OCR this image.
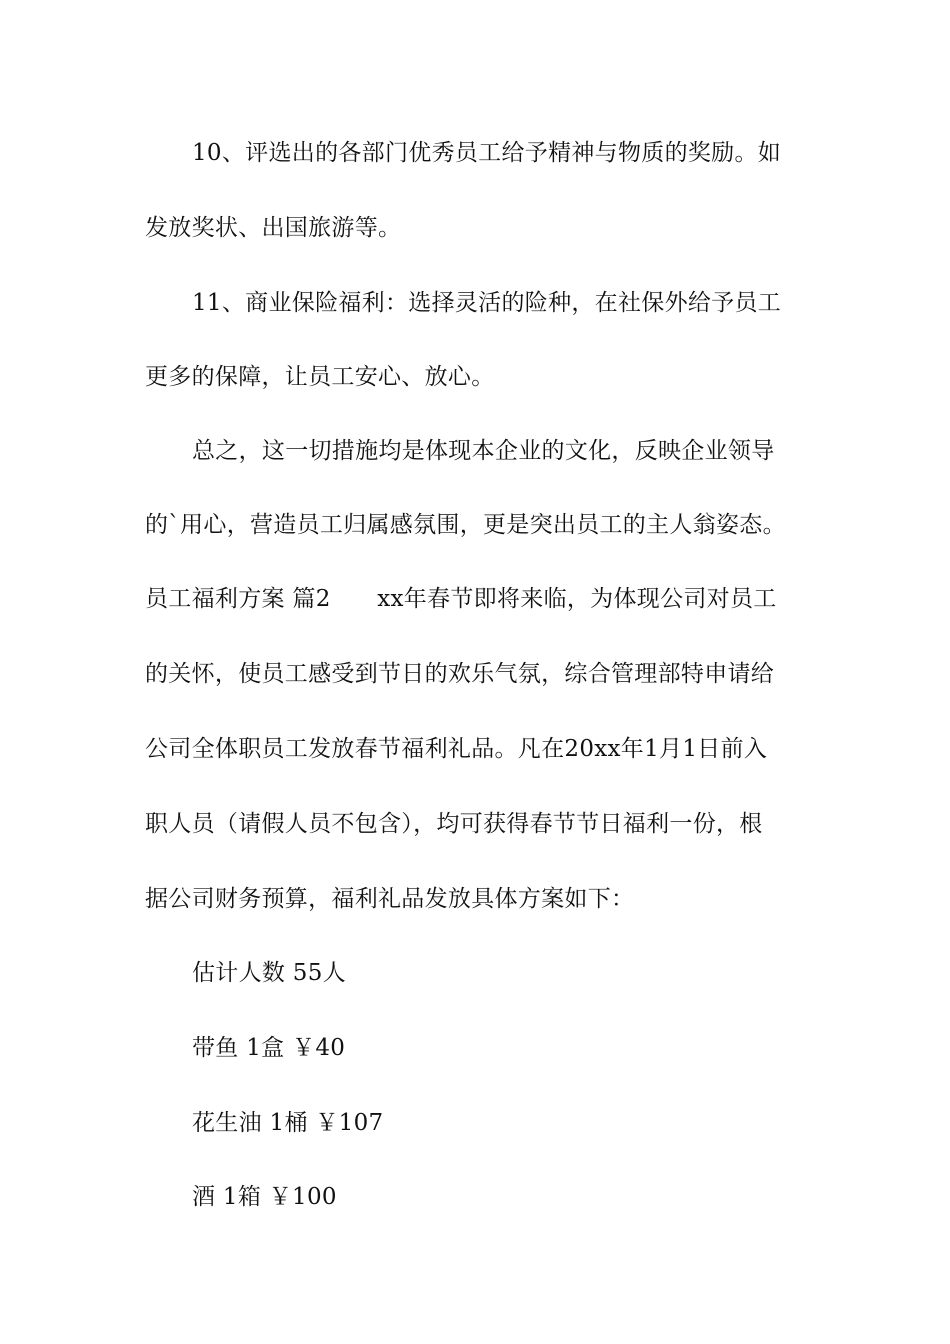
10、评选出的各部门优秀员工给予精神与物质的奖励。如
发放奖状、出国旅游等。
11、商业保险福利：选择灵活的险种，在社保外给予员工
更多的保障，让员工安心、放心。
总之，这一切措施均是体现本企业的文化，反映企业领导
的`用心，营造员工归属感氛围，更是突出员工的主人翁姿态。
员工福利方案 篇2　　xx年春节即将来临，为体现公司对员工
的关怀，使员工感受到节日的欢乐气氛，综合管理部特申请给
公司全体职员工发放春节福利礼品。凡在20xx年1月1日前入
职人员（请假人员不包含），均可获得春节节日福利一份，根
据公司财务预算，福利礼品发放具体方案如下：
估计人数 55人
带鱼 1盒 ￥40
花生油 1桶 ￥107
酒 1箱 ￥100
